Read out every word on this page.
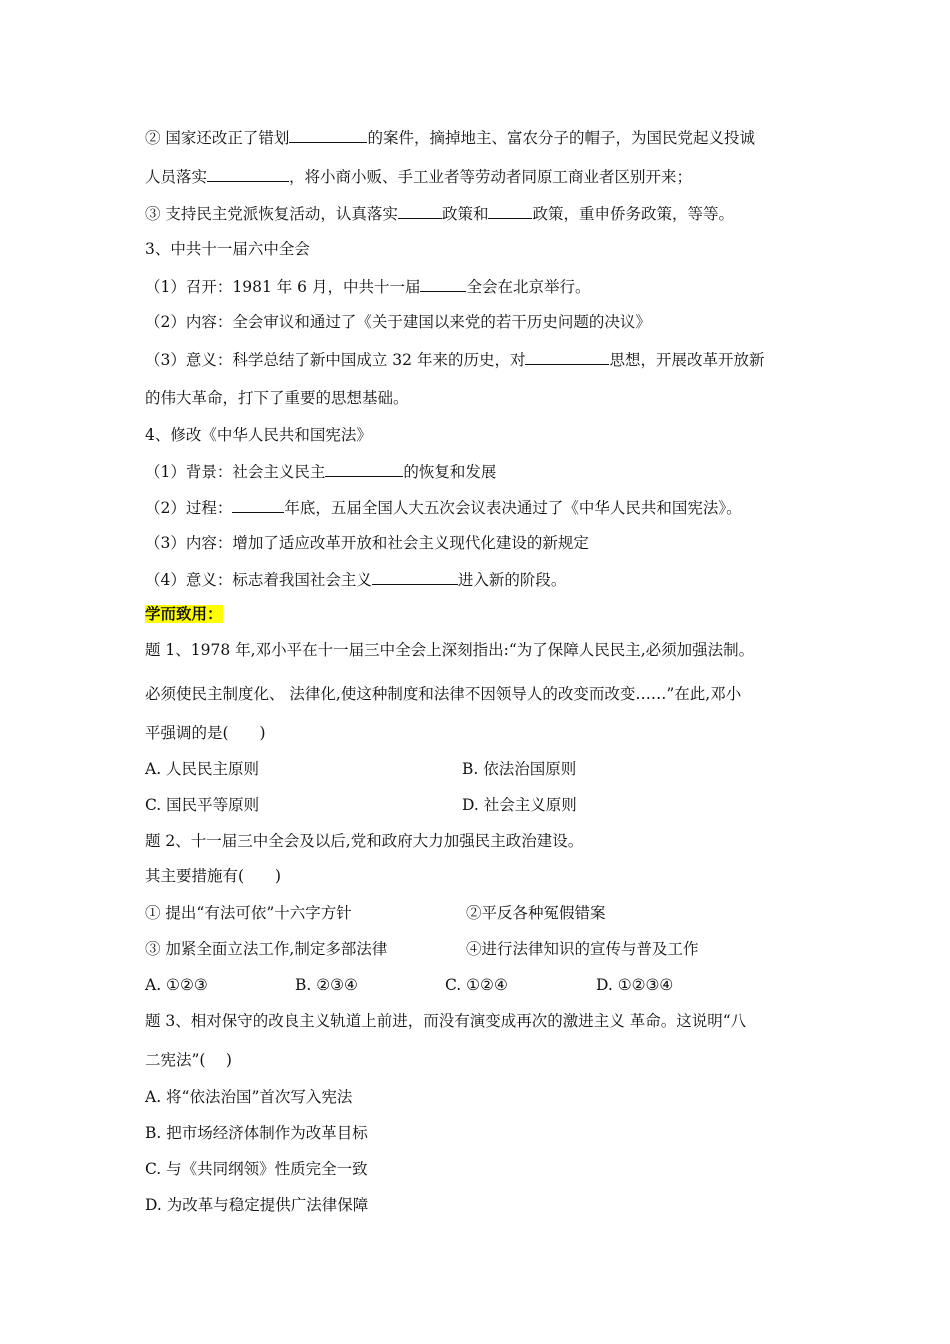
② 国家还改正了错划	的案件，摘掉地主、富农分子的帽子，为国民党起义投诚
人员落实	，将小商小贩、手工业者等劳动者同原工商业者区别开来；
③ 支持民主党派恢复活动，认真落实	政策和	政策，重申侨务政策，等等。
3、中共十一届六中全会
（1）召开：1981 年 6 月，中共十一届	全会在北京举行。
（2）内容：全会审议和通过了《关于建国以来党的若干历史问题的决议》
（3）意义：科学总结了新中国成立 32 年来的历史，对	思想，开展改革开放新
的伟大革命，打下了重要的思想基础。
4、修改《中华人民共和国宪法》
（1）背景：社会主义民主	的恢复和发展
（2）过程：	年底，五届全国人大五次会议表决通过了《中华人民共和国宪法》。
（3）内容：增加了适应改革开放和社会主义现代化建设的新规定
（4）意义：标志着我国社会主义	进入新的阶段。
学而致用：
题 1、1978 年,邓小平在十一届三中全会上深刻指出:“为了保障人民民主,必须加强法制。
必须使民主制度化、 法律化,使这种制度和法律不因领导人的改变而改变……”在此,邓小
平强调的是(　　)
A. 人民民主原则	B. 依法治国原则
C. 国民平等原则	D. 社会主义原则
题 2、十一届三中全会及以后,党和政府大力加强民主政治建设。
其主要措施有(　　)
① 提出“有法可依”十六字方针	②平反各种冤假错案
③ 加紧全面立法工作,制定多部法律	④进行法律知识的宣传与普及工作
A. ①②③	B. ②③④	C. ①②④	D. ①②③④
题 3、相对保守的改良主义轨道上前进，而没有演变成再次的激进主义 革命。这说明“八
二宪法”(　 )
A. 将“依法治国”首次写入宪法
B. 把市场经济体制作为改革目标
C. 与《共同纲领》性质完全一致
D. 为改革与稳定提供广法律保障
